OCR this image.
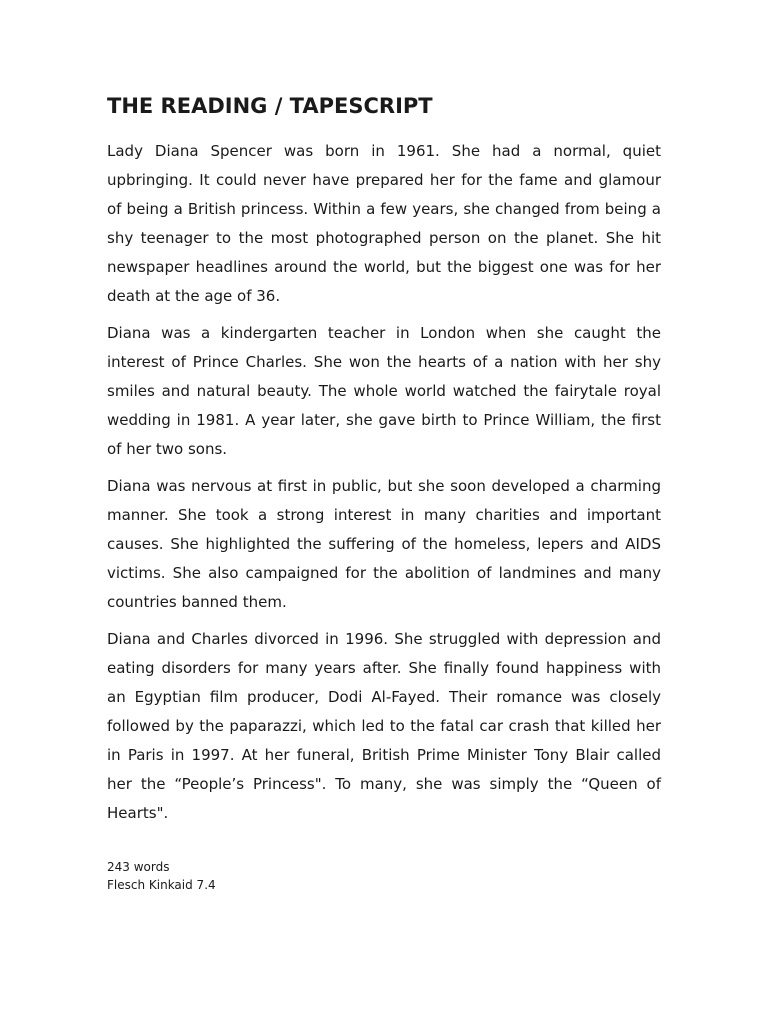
THE READING / TAPESCRIPT

Lady Diana Spencer was born in 1961. She had a normal, quiet upbringing. It could never have prepared her for the fame and glamour of being a British princess. Within a few years, she changed from being a shy teenager to the most photographed person on the planet. She hit newspaper headlines around the world, but the biggest one was for her death at the age of 36.

Diana was a kindergarten teacher in London when she caught the interest of Prince Charles. She won the hearts of a nation with her shy smiles and natural beauty. The whole world watched the fairytale royal wedding in 1981. A year later, she gave birth to Prince William, the first of her two sons.

Diana was nervous at first in public, but she soon developed a charming manner. She took a strong interest in many charities and important causes. She highlighted the suffering of the homeless, lepers and AIDS victims. She also campaigned for the abolition of landmines and many countries banned them.

Diana and Charles divorced in 1996. She struggled with depression and eating disorders for many years after. She finally found happiness with an Egyptian film producer, Dodi Al-Fayed. Their romance was closely followed by the paparazzi, which led to the fatal car crash that killed her in Paris in 1997. At her funeral, British Prime Minister Tony Blair called her the “People’s Princess". To many, she was simply the “Queen of Hearts".

243 words
Flesch Kinkaid 7.4
